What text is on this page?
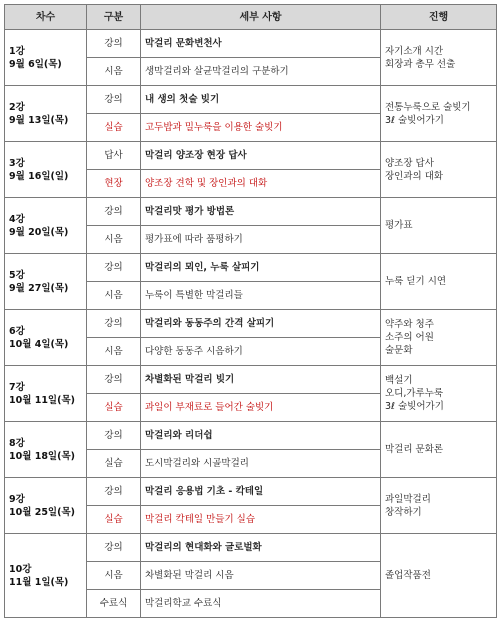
차수	구분	세부 사항	진행

1강
9월 6일(목)	강의	막걸리 문화변천사	자기소개 시간
회장과 총무 선출

	시음	생막걸리와 살균막걸리의 구분하기	

2강
9월 13일(목)	강의	내 생의 첫술 빚기	전통누룩으로 술빚기
3ℓ 술빚어가기

	실습	고두밥과 밀누룩을 이용한 술빚기	

3강
9월 16일(일)	답사	막걸리 양조장 현장 답사	양조장 답사
장인과의 대화

	현장	양조장 견학 및 장인과의 대화	

4강
9월 20일(목)	강의	막걸리맛 평가 방법론	평가표

	시음	평가표에 따라 품평하기	

5강
9월 27일(목)	강의	막걸리의 뫼인, 누룩 살피기	누룩 딛기 시연

	시음	누룩이 특별한 막걸리들	

6강
10월 4일(목)	강의	막걸리와 동동주의 간격 살피기	약주와 청주
소주의 어원
술문화

	시음	다양한 동동주 시음하기	

7강
10월 11일(목)	강의	차별화된 막걸리 빚기	백설기
오디,가루누룩
3ℓ 술빚어가기

	실습	과일이 부재료로 들어간 술빚기	

8강
10월 18일(목)	강의	막걸리와 리더쉽	막걸리 문화론

	실습	도시막걸리와 시골막걸리	

9강
10월 25일(목)	강의	막걸리 응용법 기초 - 칵테일	과일막걸리
창작하기

	실습	막걸리 칵테일 만들기 실습	

10강
11월 1일(목)	강의	막걸리의 현대화와 글로벌화	졸업작품전

	시음	차별화된 막걸리 시음	
	수료식	막걸리학교 수료식	
